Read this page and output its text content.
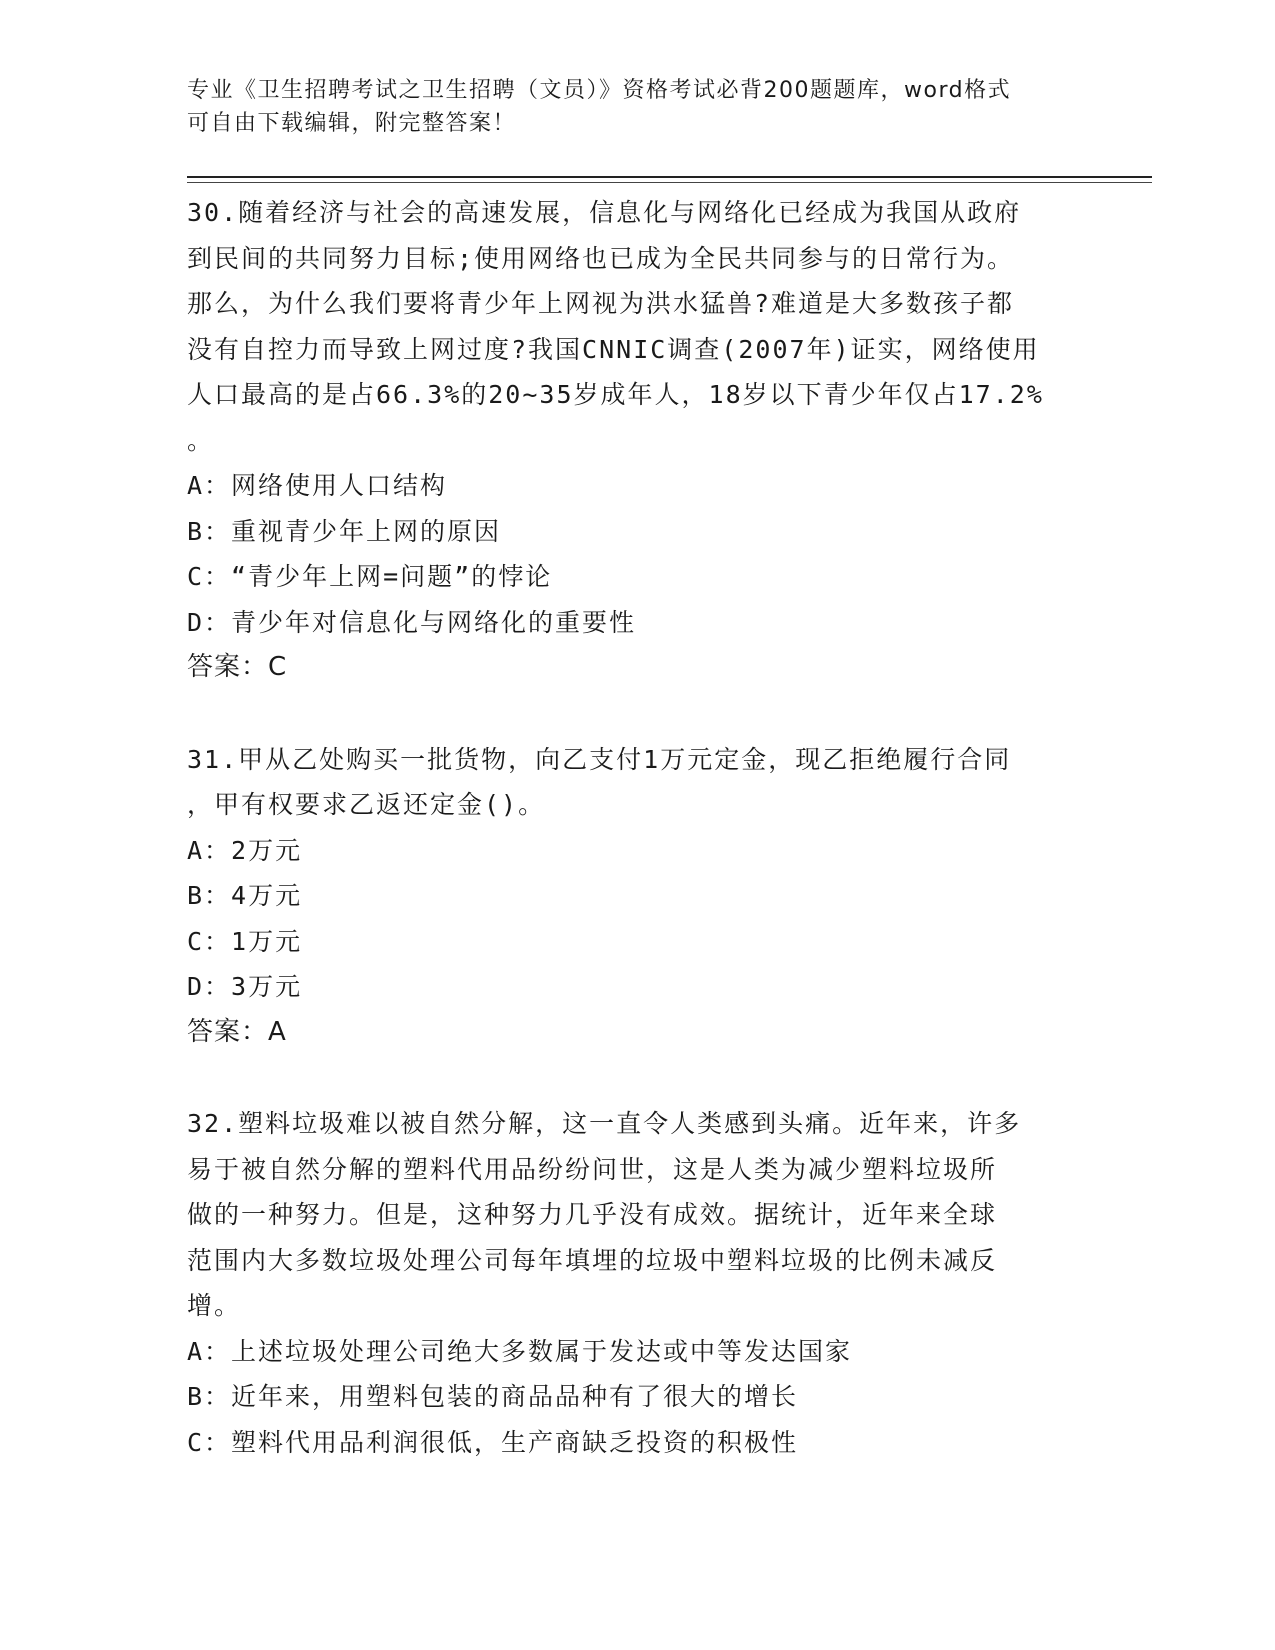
专业《卫生招聘考试之卫生招聘（文员）》资格考试必背200题题库，word格式
可自由下载编辑，附完整答案！

30.随着经济与社会的高速发展，信息化与网络化已经成为我国从政府

到民间的共同努力目标;使用网络也已成为全民共同参与的日常行为。

那么，为什么我们要将青少年上网视为洪水猛兽?难道是大多数孩子都

没有自控力而导致上网过度?我国CNNIC调查(2007年)证实，网络使用

人口最高的是占66.3%的20~35岁成年人，18岁以下青少年仅占17.2%

。

A：网络使用人口结构

B：重视青少年上网的原因

C：“青少年上网=问题”的悖论

D：青少年对信息化与网络化的重要性

答案：C

31.甲从乙处购买一批货物，向乙支付1万元定金，现乙拒绝履行合同

，甲有权要求乙返还定金()。

A：2万元

B：4万元

C：1万元

D：3万元

答案：A

32.塑料垃圾难以被自然分解，这一直令人类感到头痛。近年来，许多

易于被自然分解的塑料代用品纷纷问世，这是人类为减少塑料垃圾所

做的一种努力。但是，这种努力几乎没有成效。据统计，近年来全球

范围内大多数垃圾处理公司每年填埋的垃圾中塑料垃圾的比例未减反

增。

A：上述垃圾处理公司绝大多数属于发达或中等发达国家

B：近年来，用塑料包装的商品品种有了很大的增长

C：塑料代用品利润很低，生产商缺乏投资的积极性
